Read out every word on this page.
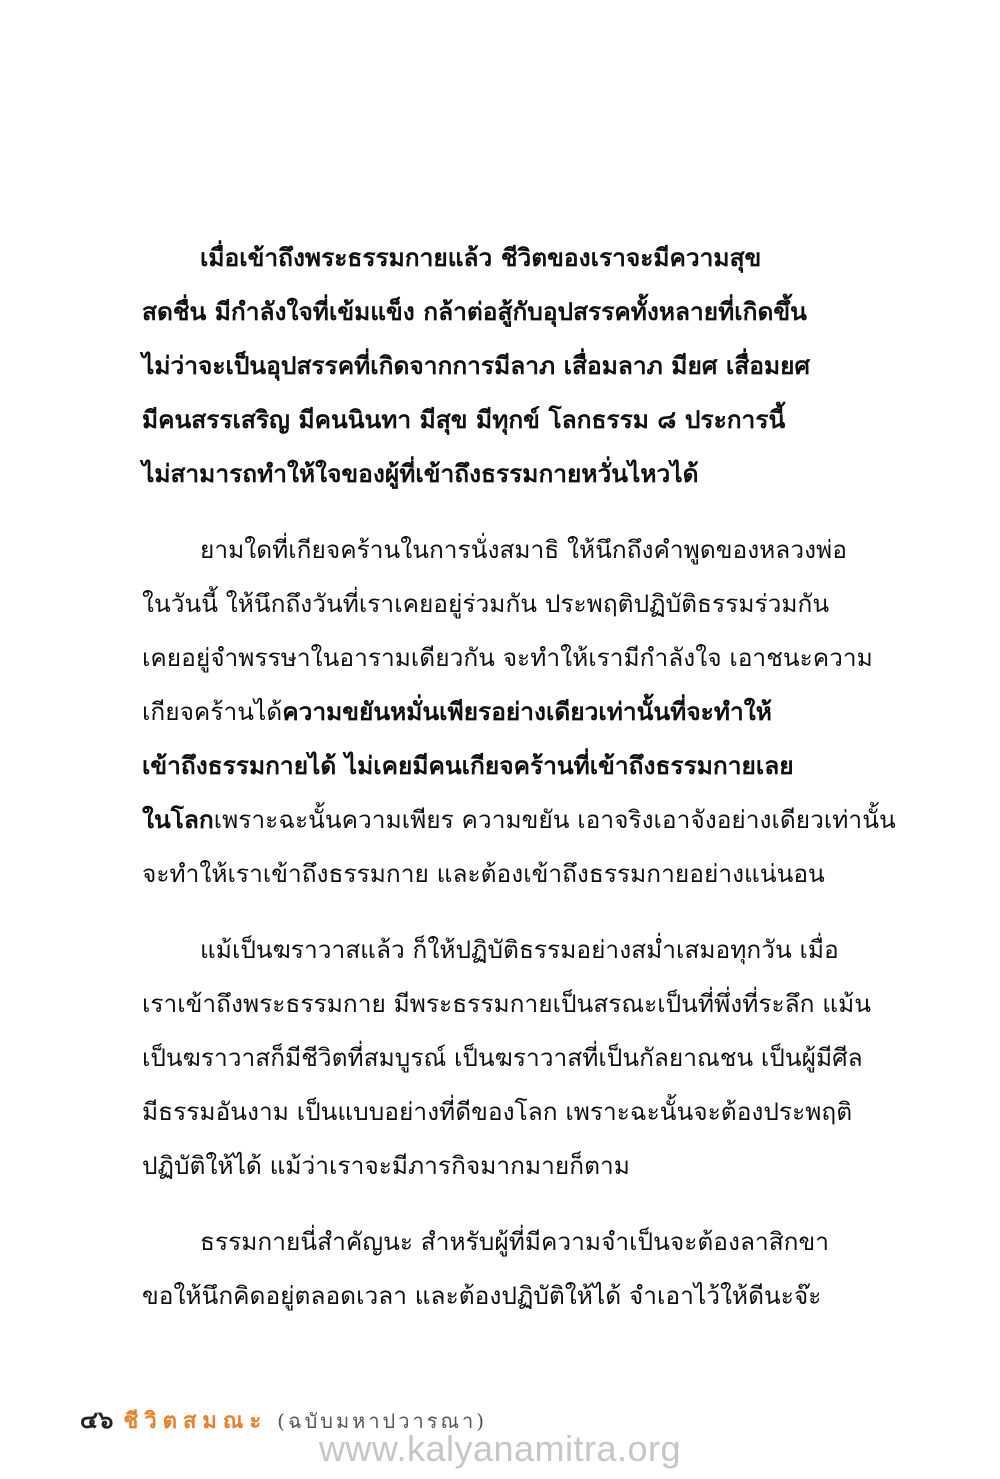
เมื่อเข้าถึงพระธรรมกายแล้ว ชีวิตของเราจะมีความสุข
สดชื่น มีกำลังใจที่เข้มแข็ง กล้าต่อสู้กับอุปสรรคทั้งหลายที่เกิดขึ้น
ไม่ว่าจะเป็นอุปสรรคที่เกิดจากการมีลาภ เสื่อมลาภ มียศ เสื่อมยศ
มีคนสรรเสริญ มีคนนินทา มีสุข มีทุกข์ โลกธรรม ๘ ประการนี้
ไม่สามารถทำให้ใจของผู้ที่เข้าถึงธรรมกายหวั่นไหวได้
ยามใดที่เกียจคร้านในการนั่งสมาธิ ให้นึกถึงคำพูดของหลวงพ่อ
ในวันนี้ ให้นึกถึงวันที่เราเคยอยู่ร่วมกัน ประพฤติปฏิบัติธรรมร่วมกัน
เคยอยู่จำพรรษาในอารามเดียวกัน จะทำให้เรามีกำลังใจ เอาชนะความ
เกียจคร้านได้ ความขยันหมั่นเพียรอย่างเดียวเท่านั้นที่จะทำให้
เข้าถึงธรรมกายได้ ไม่เคยมีคนเกียจคร้านที่เข้าถึงธรรมกายเลย
ในโลก เพราะฉะนั้นความเพียร ความขยัน เอาจริงเอาจังอย่างเดียวเท่านั้น
จะทำให้เราเข้าถึงธรรมกาย และต้องเข้าถึงธรรมกายอย่างแน่นอน
แม้เป็นฆราวาสแล้ว ก็ให้ปฏิบัติธรรมอย่างสม่ำเสมอทุกวัน เมื่อ
เราเข้าถึงพระธรรมกาย มีพระธรรมกายเป็นสรณะเป็นที่พึ่งที่ระลึก แม้น
เป็นฆราวาสก็มีชีวิตที่สมบูรณ์ เป็นฆราวาสที่เป็นกัลยาณชน เป็นผู้มีศีล
มีธรรมอันงาม เป็นแบบอย่างที่ดีของโลก เพราะฉะนั้นจะต้องประพฤติ
ปฏิบัติให้ได้ แม้ว่าเราจะมีภารกิจมากมายก็ตาม
ธรรมกายนี่สำคัญนะ สำหรับผู้ที่มีความจำเป็นจะต้องลาสิกขา
ขอให้นึกคิดอยู่ตลอดเวลา และต้องปฏิบัติให้ได้ จำเอาไว้ให้ดีนะจ๊ะ
๔๖ ชีวิตสมณะ (ฉบับมหาปวารณา)
www.kalyanamitra.org
